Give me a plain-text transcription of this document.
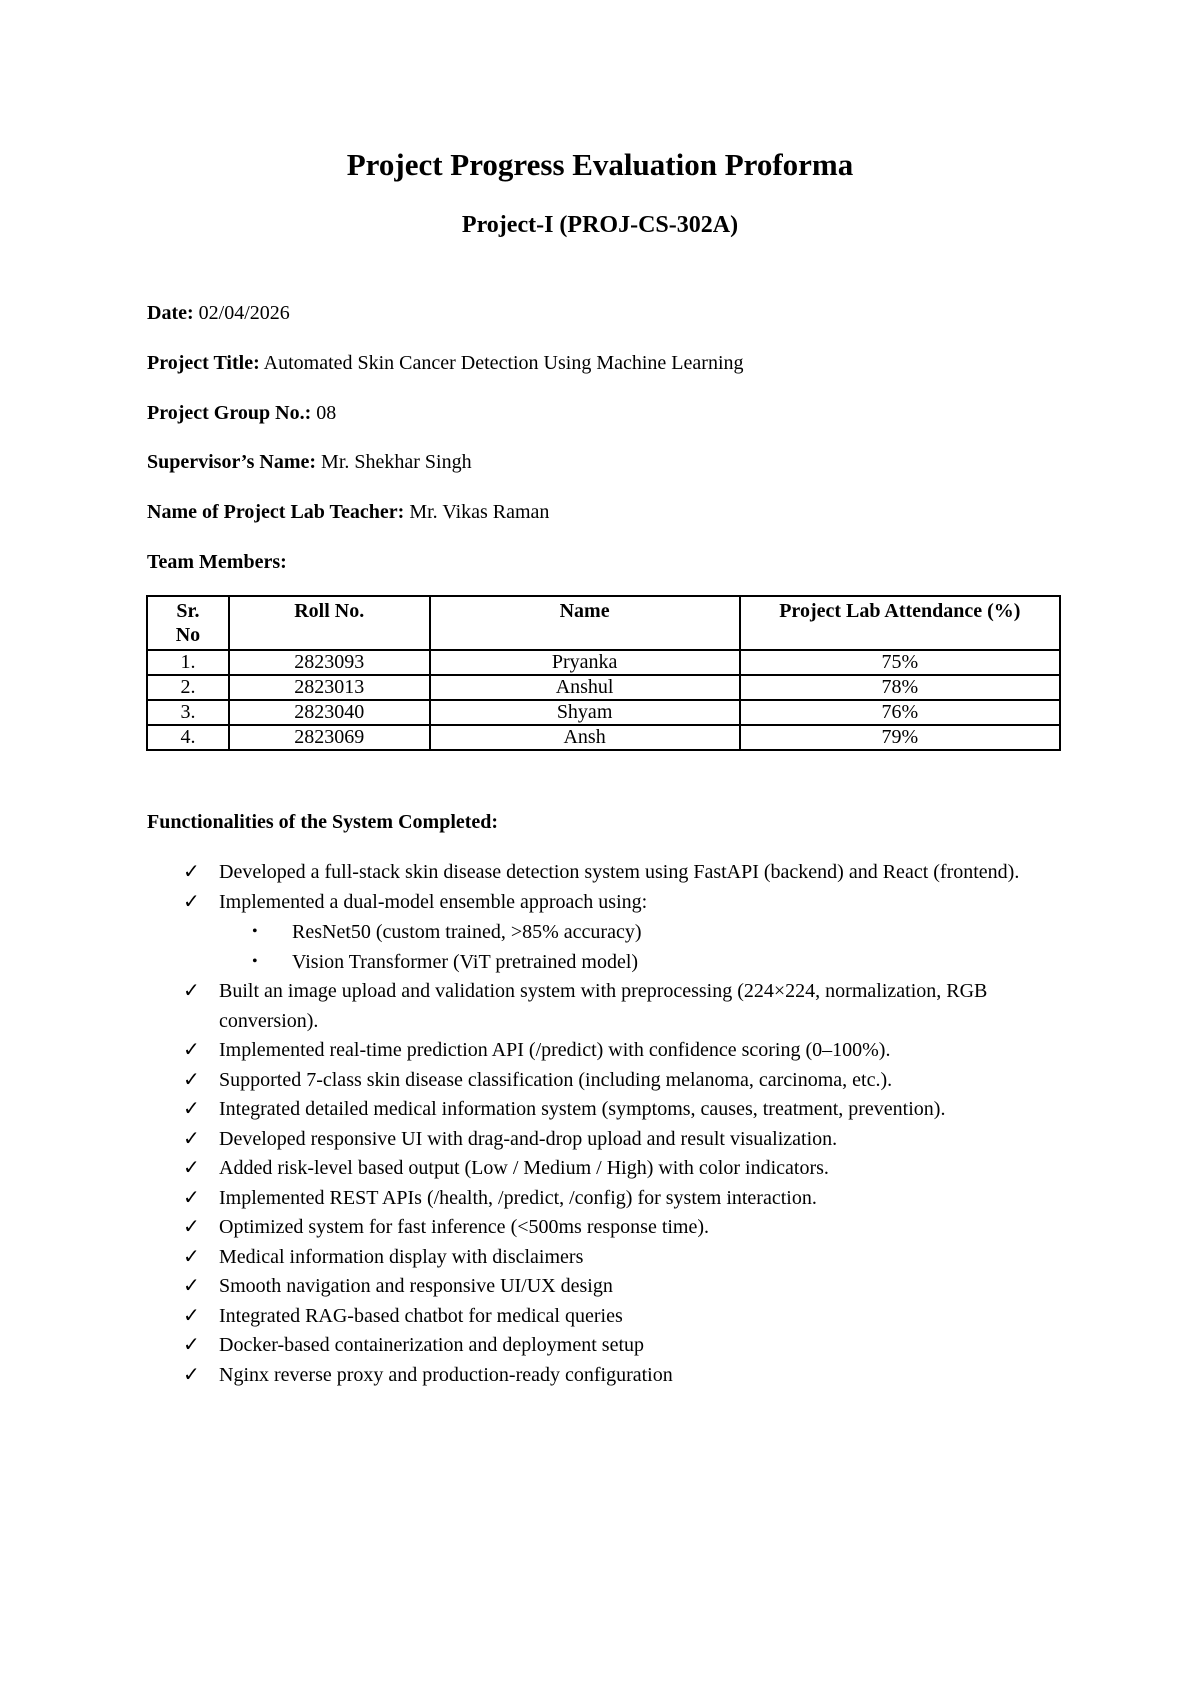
Project Progress Evaluation Proforma
Project-I (PROJ-CS-302A)
Date: 02/04/2026
Project Title: Automated Skin Cancer Detection Using Machine Learning
Project Group No.: 08
Supervisor’s Name: Mr. Shekhar Singh
Name of Project Lab Teacher: Mr. Vikas Raman
Team Members:
Sr. No	Roll No.	Name	Project Lab Attendance (%)
1.	2823093	Pryanka	75%
2.	2823013	Anshul	78%
3.	2823040	Shyam	76%
4.	2823069	Ansh	79%
Functionalities of the System Completed:
✓ Developed a full-stack skin disease detection system using FastAPI (backend) and React (frontend).
✓ Implemented a dual-model ensemble approach using:
• ResNet50 (custom trained, >85% accuracy)
• Vision Transformer (ViT pretrained model)
✓ Built an image upload and validation system with preprocessing (224×224, normalization, RGB conversion).
✓ Implemented real-time prediction API (/predict) with confidence scoring (0–100%).
✓ Supported 7-class skin disease classification (including melanoma, carcinoma, etc.).
✓ Integrated detailed medical information system (symptoms, causes, treatment, prevention).
✓ Developed responsive UI with drag-and-drop upload and result visualization.
✓ Added risk-level based output (Low / Medium / High) with color indicators.
✓ Implemented REST APIs (/health, /predict, /config) for system interaction.
✓ Optimized system for fast inference (<500ms response time).
✓ Medical information display with disclaimers
✓ Smooth navigation and responsive UI/UX design
✓ Integrated RAG-based chatbot for medical queries
✓ Docker-based containerization and deployment setup
✓ Nginx reverse proxy and production-ready configuration
